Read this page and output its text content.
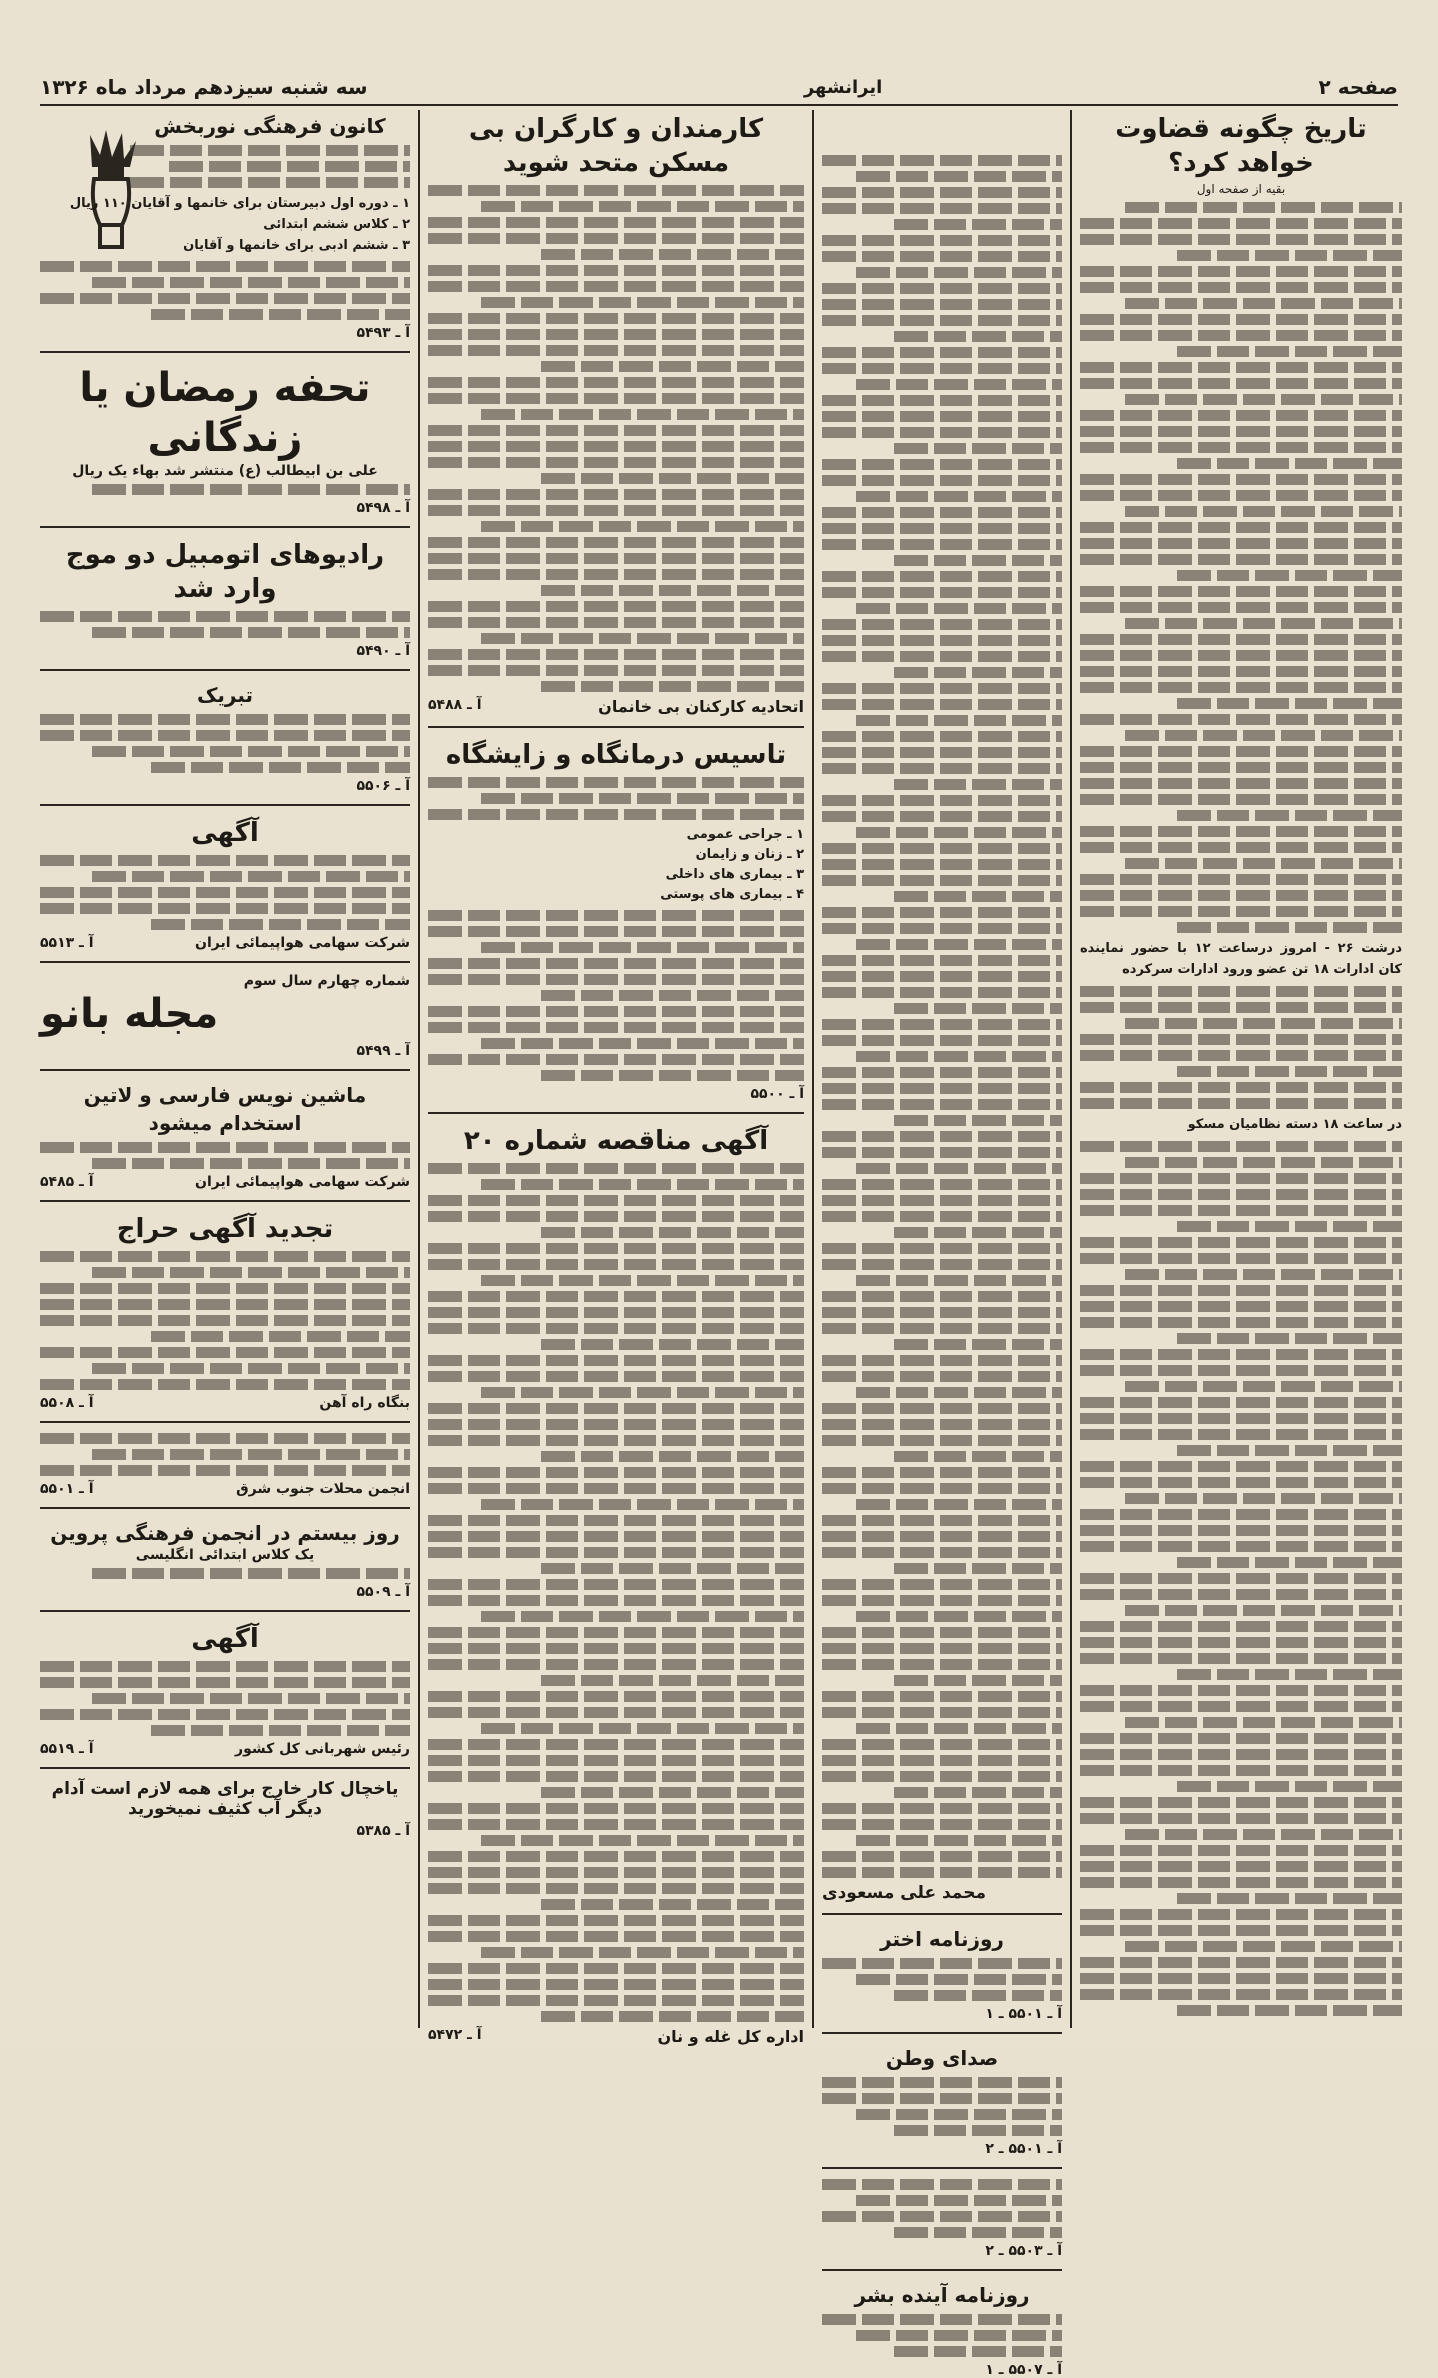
صفحه ۲
ایرانشهر
سه شنبه سیزدهم مرداد ماه ۱۳۲۶
تاریخ چگونه قضاوت خواهد کرد؟
بقیه از صفحه اول

درشت ۲۶ - امروز درساعت ۱۲ با حضور نماینده کان ادارات ۱۸ تن عضو ورود ادارات سرکرده

در ساعت ۱۸ دسته نظامیان مسکو

محمد علی مسعودی
روزنامه اختر
آ ـ ۵۵۰۱ ـ ۱
صدای وطن
آ ـ ۵۵۰۱ ـ ۲
آ ـ ۵۵۰۳ ـ ۲
روزنامه آینده بشر
آ ـ ۵۵۰۷ ـ ۱
کارمندان و کارگران بی مسکن متحد شوید
اتحادیه کارکنان بی خانمان
آ ـ ۵۴۸۸
تاسیس درمانگاه و زایشگاه
۱ ـ جراحی عمومی
۲ ـ زنان و زایمان
۳ ـ بیماری های داخلی
۴ ـ بیماری های پوستی
آ ـ ۵۵۰۰
آگهی مناقصه شماره ۲۰
اداره کل غله و نان
آ ـ ۵۴۷۲
کانون فرهنگی نوربخش
۱ ـ دوره اول دبیرستان برای خانمها و آقایان ۱۱۰ ریال
۲ ـ کلاس ششم ابتدائی
۳ ـ ششم ادبی برای خانمها و آقایان
آ ـ ۵۴۹۳
تحفه رمضان یا زندگانی
علی بن ابیطالب (ع) منتشر شد بهاء یک ریال
آ ـ ۵۴۹۸
رادیوهای اتومبیل دو موج وارد شد
آ ـ ۵۴۹۰
تبریک
آ ـ ۵۵۰۶
آگهی
شرکت سهامی هواپیمائی ایران
آ ـ ۵۵۱۳
شماره چهارم سال سوم
مجله بانو
آ ـ ۵۴۹۹
ماشین نویس فارسی و لاتین استخدام میشود
شرکت سهامی هواپیمائی ایران
آ ـ ۵۴۸۵
تجدید آگهی حراج
بنگاه راه آهن
آ ـ ۵۵۰۸
انجمن محلات جنوب شرق
آ ـ ۵۵۰۱
روز بیستم در انجمن فرهنگی پروین
یک کلاس ابتدائی انگلیسی
آ ـ ۵۵۰۹
آگهی
رئیس شهربانی کل کشور
آ ـ ۵۵۱۹
یاخچال کار خارج برای همه لازم است آدام
دیگر آب کثیف نمیخورید
آ ـ ۵۳۸۵
